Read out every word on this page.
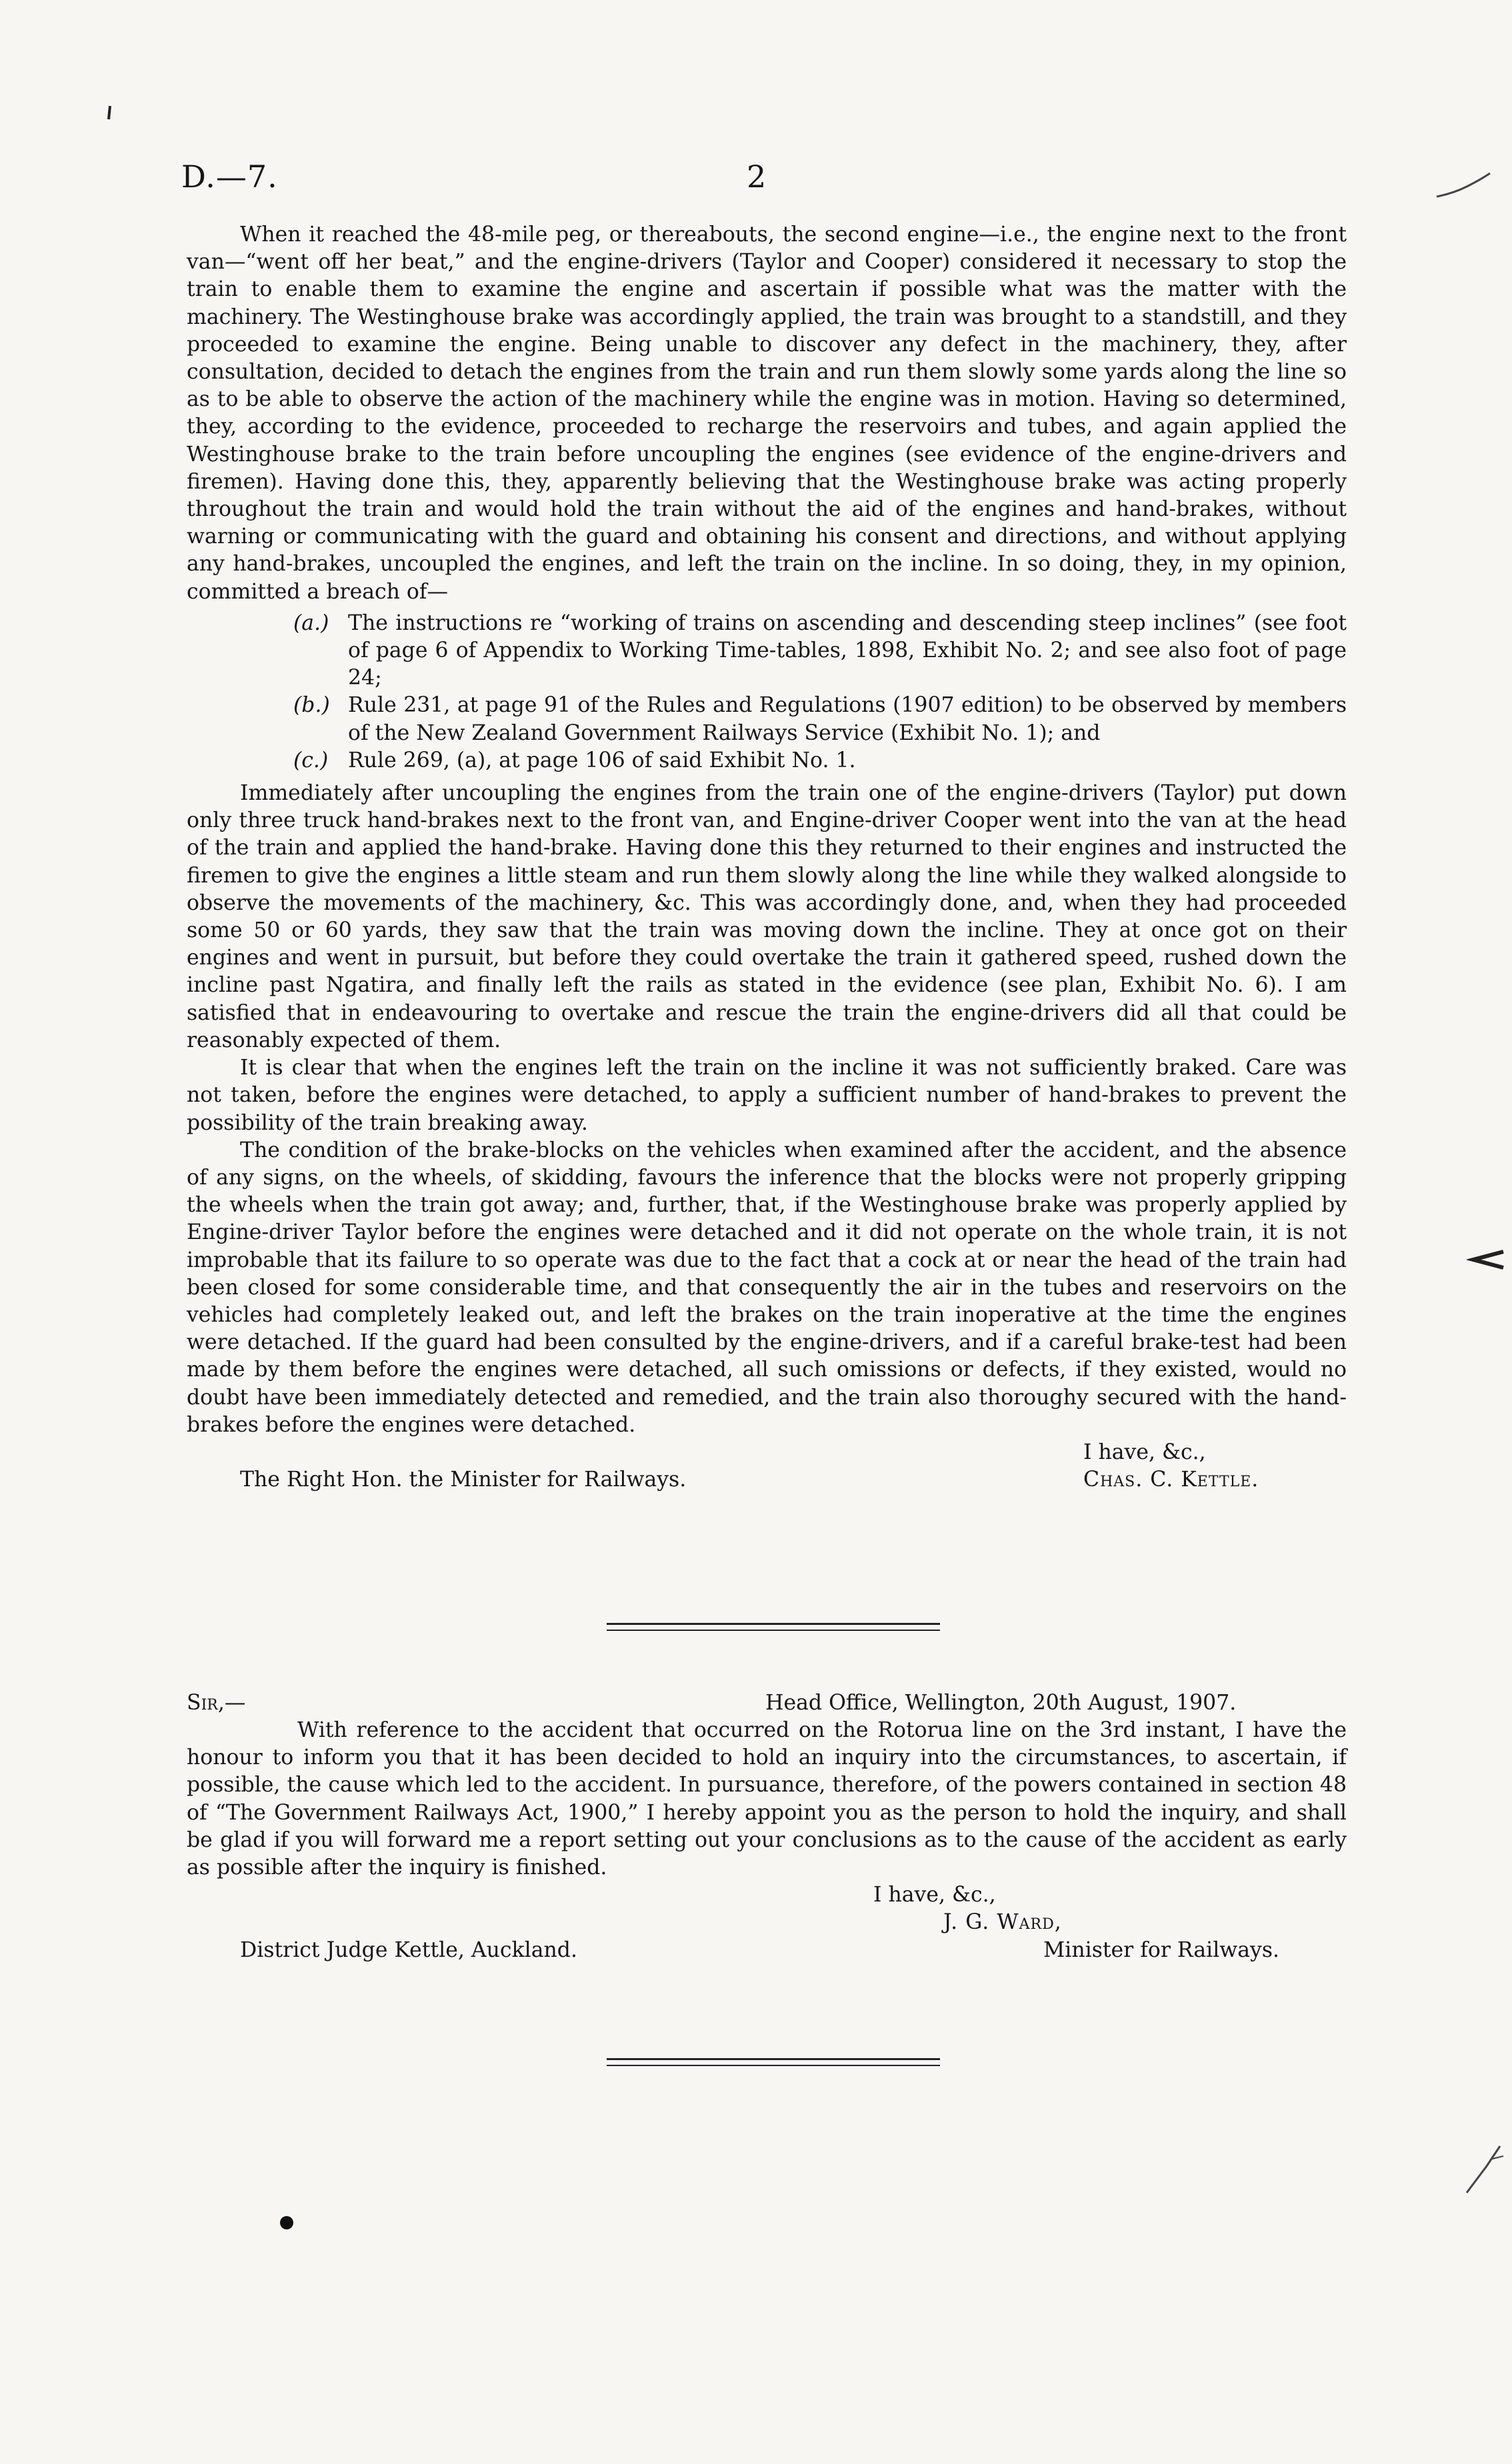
D.—7.	2

When it reached the 48-mile peg, or thereabouts, the second engine—i.e., the engine next to the front van—“went off her beat,” and the engine-drivers (Taylor and Cooper) considered it necessary to stop the train to enable them to examine the engine and ascertain if possible what was the matter with the machinery. The Westinghouse brake was accordingly applied, the train was brought to a standstill, and they proceeded to examine the engine. Being unable to discover any defect in the machinery, they, after consultation, decided to detach the engines from the train and run them slowly some yards along the line so as to be able to observe the action of the machinery while the engine was in motion. Having so determined, they, according to the evidence, proceeded to recharge the reservoirs and tubes, and again applied the Westinghouse brake to the train before uncoupling the engines (see evidence of the engine-drivers and firemen). Having done this, they, apparently believing that the Westinghouse brake was acting properly throughout the train and would hold the train without the aid of the engines and hand-brakes, without warning or communicating with the guard and obtaining his consent and directions, and without applying any hand-brakes, uncoupled the engines, and left the train on the incline. In so doing, they, in my opinion, committed a breach of—

(a.) The instructions re “working of trains on ascending and descending steep inclines” (see foot of page 6 of Appendix to Working Time-tables, 1898, Exhibit No. 2; and see also foot of page 24;
(b.) Rule 231, at page 91 of the Rules and Regulations (1907 edition) to be observed by members of the New Zealand Government Railways Service (Exhibit No. 1); and
(c.) Rule 269, (a), at page 106 of said Exhibit No. 1.

Immediately after uncoupling the engines from the train one of the engine-drivers (Taylor) put down only three truck hand-brakes next to the front van, and Engine-driver Cooper went into the van at the head of the train and applied the hand-brake. Having done this they returned to their engines and instructed the firemen to give the engines a little steam and run them slowly along the line while they walked alongside to observe the movements of the machinery, &c. This was accordingly done, and, when they had proceeded some 50 or 60 yards, they saw that the train was moving down the incline. They at once got on their engines and went in pursuit, but before they could overtake the train it gathered speed, rushed down the incline past Ngatira, and finally left the rails as stated in the evidence (see plan, Exhibit No. 6). I am satisfied that in endeavouring to overtake and rescue the train the engine-drivers did all that could be reasonably expected of them.

It is clear that when the engines left the train on the incline it was not sufficiently braked. Care was not taken, before the engines were detached, to apply a sufficient number of hand-brakes to prevent the possibility of the train breaking away.

The condition of the brake-blocks on the vehicles when examined after the accident, and the absence of any signs, on the wheels, of skidding, favours the inference that the blocks were not properly gripping the wheels when the train got away; and, further, that, if the Westinghouse brake was properly applied by Engine-driver Taylor before the engines were detached and it did not operate on the whole train, it is not improbable that its failure to so operate was due to the fact that a cock at or near the head of the train had been closed for some considerable time, and that consequently the air in the tubes and reservoirs on the vehicles had completely leaked out, and left the brakes on the train inoperative at the time the engines were detached. If the guard had been consulted by the engine-drivers, and if a careful brake-test had been made by them before the engines were detached, all such omissions or defects, if they existed, would no doubt have been immediately detected and remedied, and the train also thoroughy secured with the hand-brakes before the engines were detached.

I have, &c.,
The Right Hon. the Minister for Railways.	Chas. C. Kettle.
Sir,—	Head Office, Wellington, 20th August, 1907.

With reference to the accident that occurred on the Rotorua line on the 3rd instant, I have the honour to inform you that it has been decided to hold an inquiry into the circumstances, to ascertain, if possible, the cause which led to the accident. In pursuance, therefore, of the powers contained in section 48 of “The Government Railways Act, 1900,” I hereby appoint you as the person to hold the inquiry, and shall be glad if you will forward me a report setting out your conclusions as to the cause of the accident as early as possible after the inquiry is finished.

I have, &c.,
J. G. Ward,
District Judge Kettle, Auckland.	Minister for Railways.
